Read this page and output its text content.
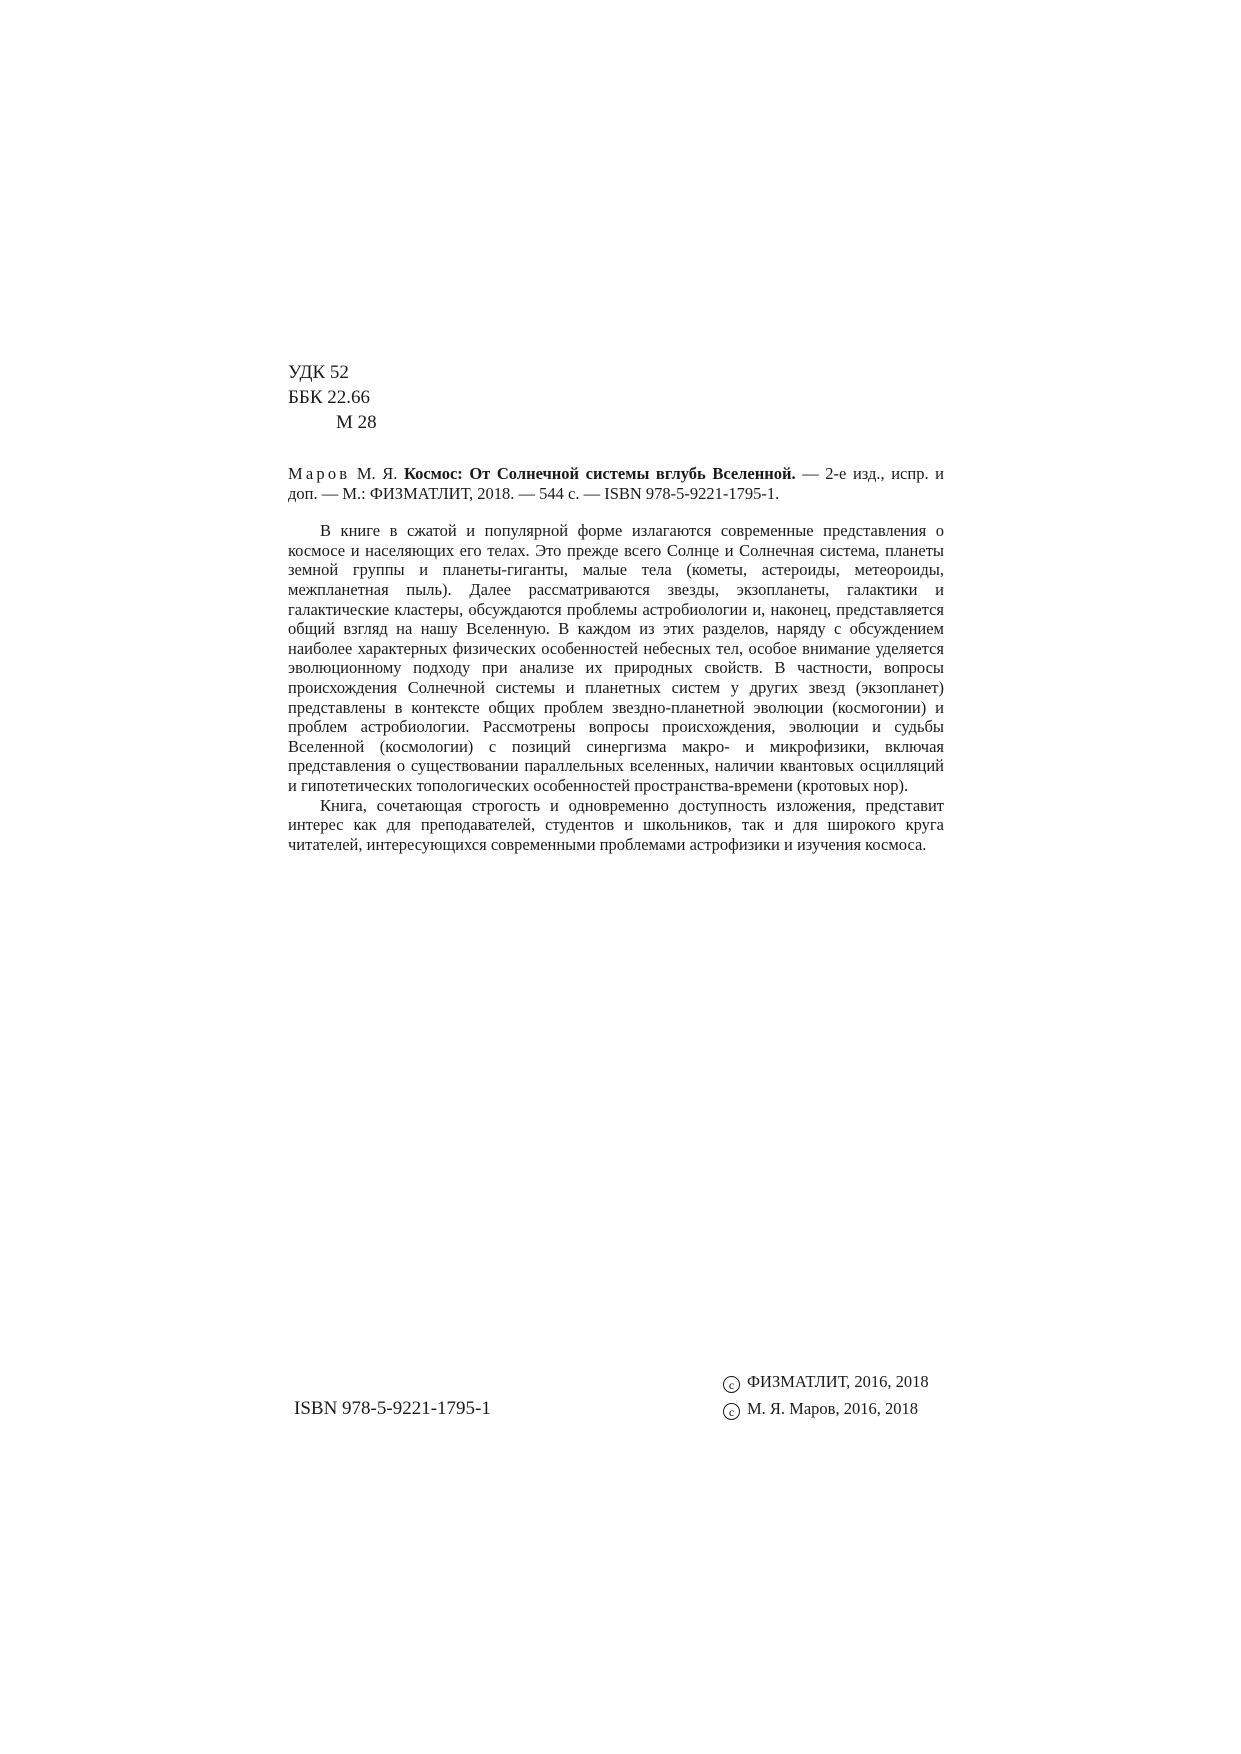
УДК 52
ББК 22.66
М 28

Маров М. Я. Космос: От Солнечной системы вглубь Вселенной. — 2-е изд., испр. и доп. — М.: ФИЗМАТЛИТ, 2018. — 544 с. — ISBN 978-5-9221-1795-1.

В книге в сжатой и популярной форме излагаются современные представления о космосе и населяющих его телах. Это прежде всего Солнце и Солнечная система, планеты земной группы и планеты-гиганты, малые тела (кометы, астероиды, метеороиды, межпланетная пыль). Далее рассматриваются звезды, экзопланеты, галактики и галактические кластеры, обсуждаются проблемы астробиологии и, наконец, представляется общий взгляд на нашу Вселенную. В каждом из этих разделов, наряду с обсуждением наиболее характерных физических особенностей небесных тел, особое внимание уделяется эволюционному подходу при анализе их природных свойств. В частности, вопросы происхождения Солнечной системы и планетных систем у других звезд (экзопланет) представлены в контексте общих проблем звездно-планетной эволюции (космогонии) и проблем астробиологии. Рассмотрены вопросы происхождения, эволюции и судьбы Вселенной (космологии) с позиций синергизма макро- и микрофизики, включая представления о существовании параллельных вселенных, наличии квантовых осцилляций и гипотетических топологических особенностей пространства-времени (кротовых нор).

Книга, сочетающая строгость и одновременно доступность изложения, представит интерес как для преподавателей, студентов и школьников, так и для широкого круга читателей, интересующихся современными проблемами астрофизики и изучения космоса.

ISBN 978-5-9221-1795-1
c ФИЗМАТЛИТ, 2016, 2018
c М. Я. Маров, 2016, 2018
